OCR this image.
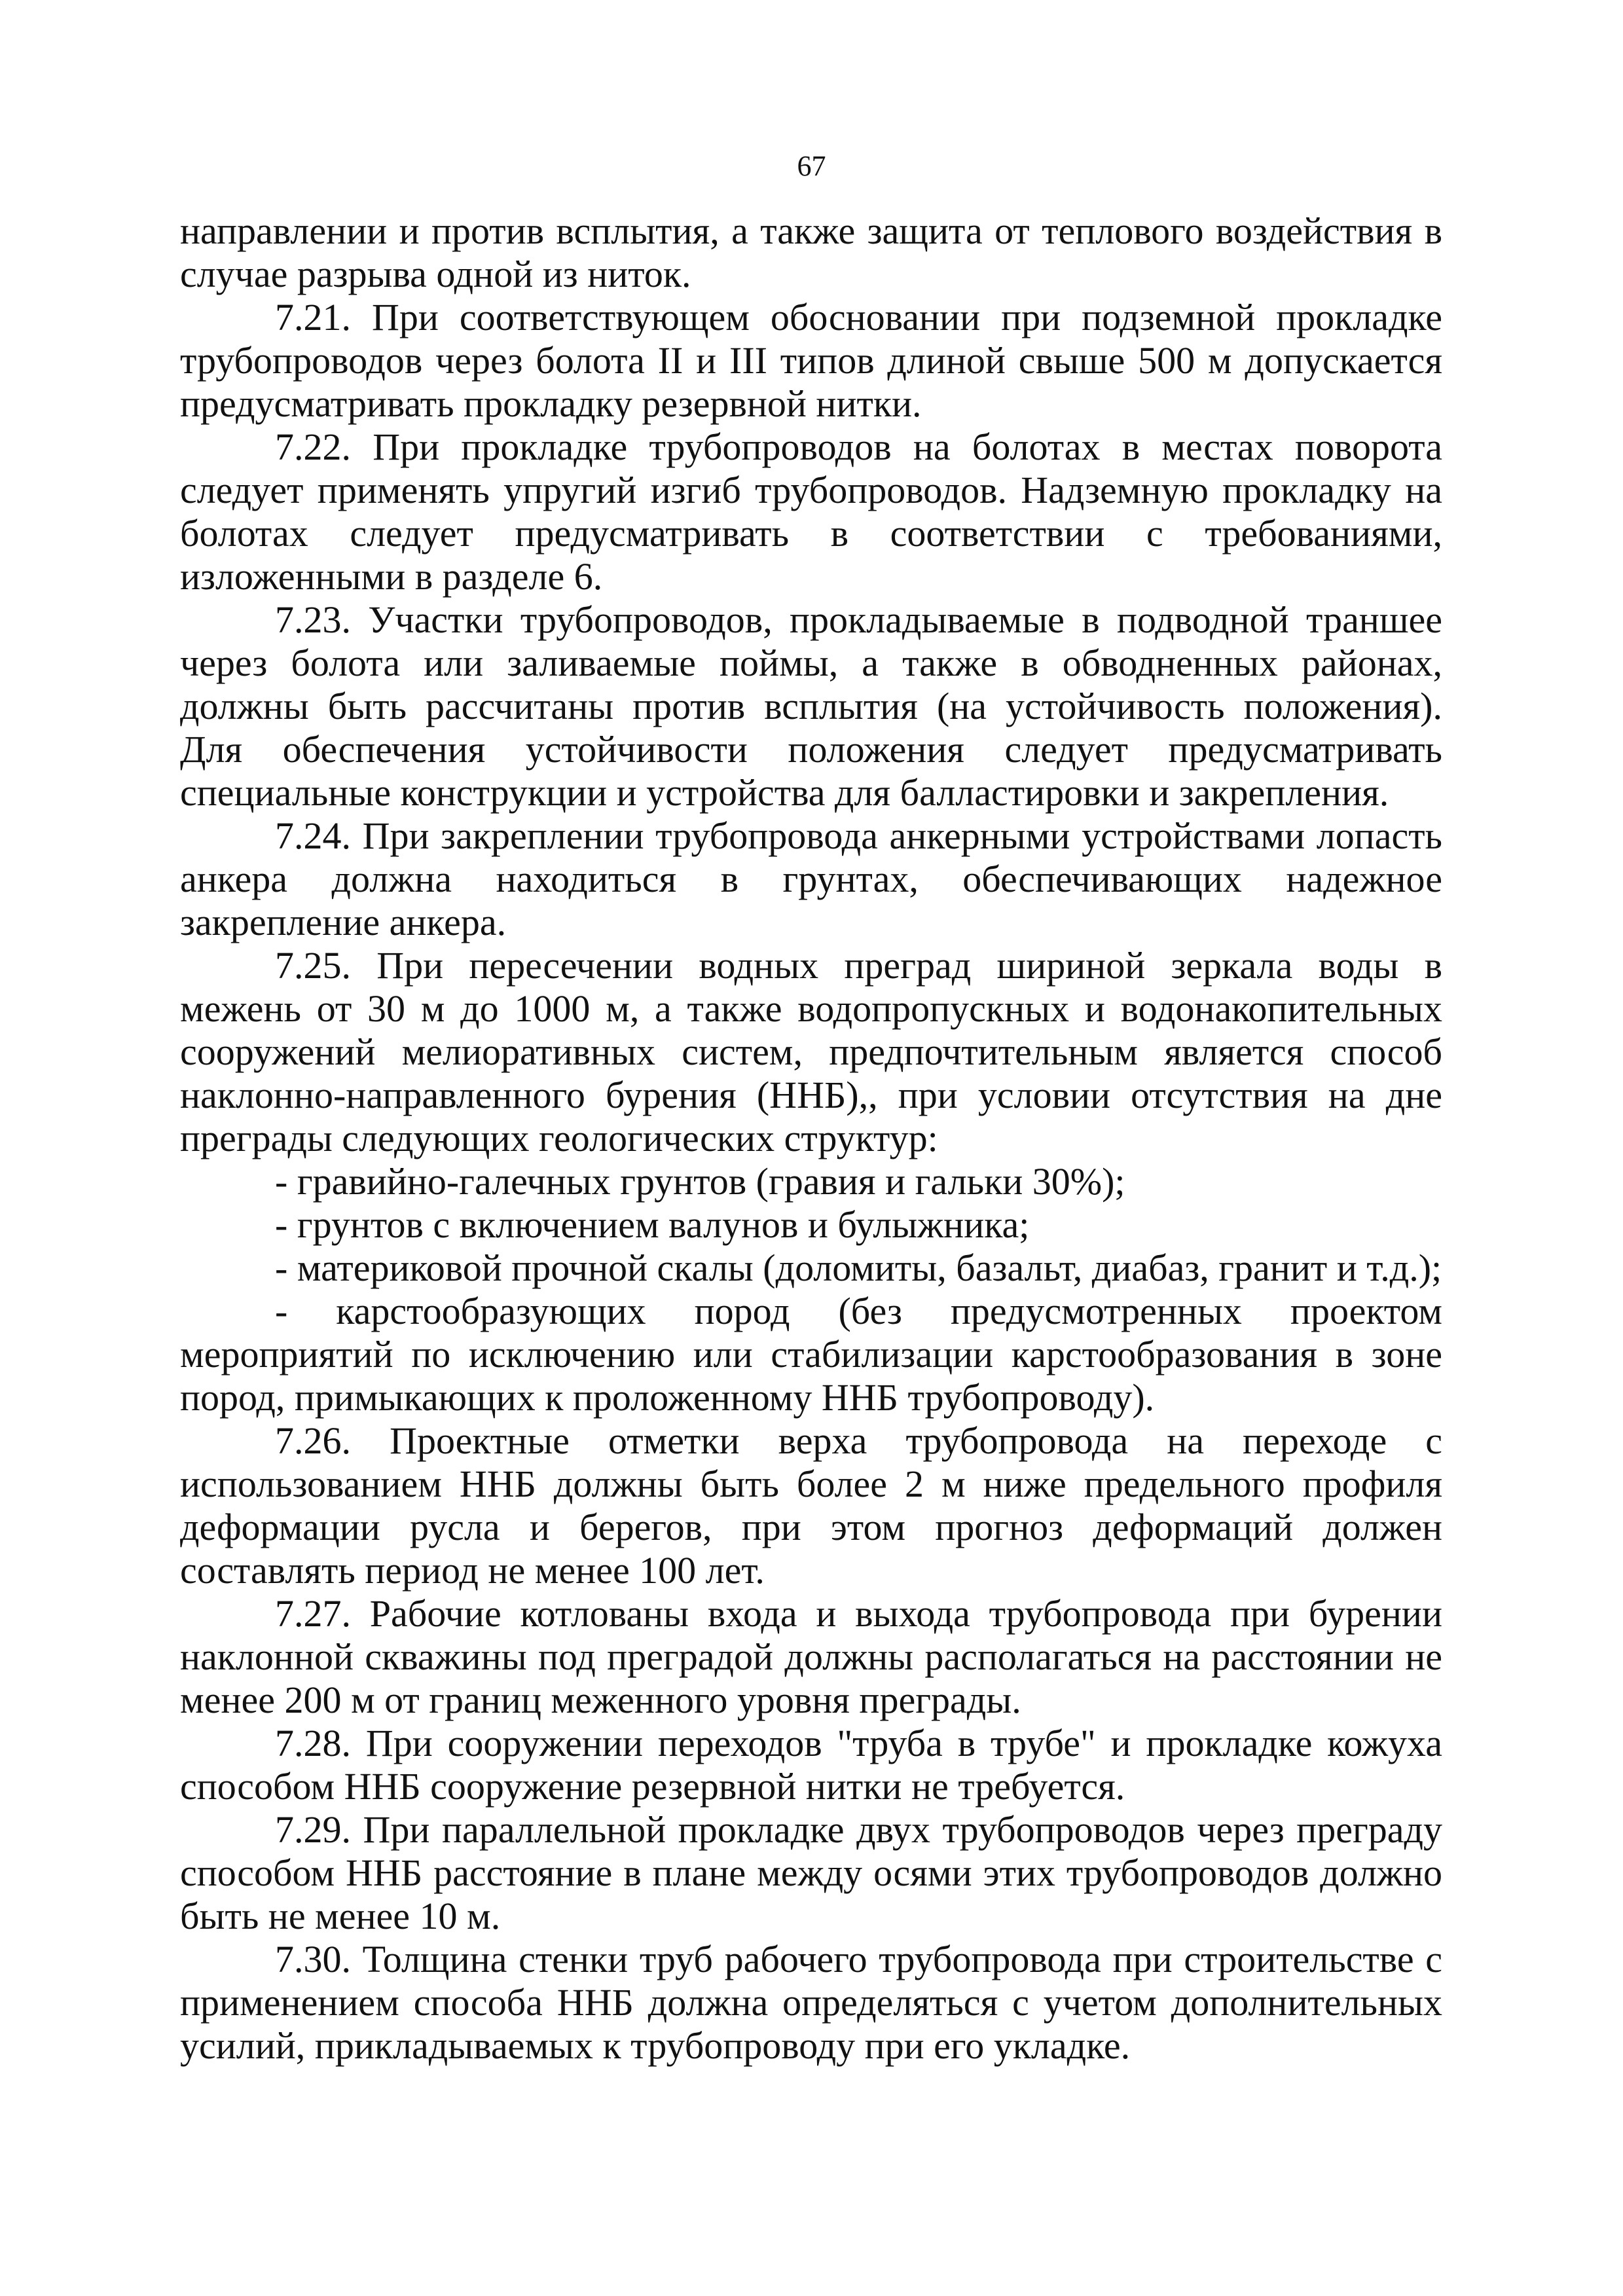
67

направлении и против всплытия, а также защита от теплового воздействия в случае разрыва одной из ниток.

7.21. При соответствующем обосновании при подземной прокладке трубопроводов через болота II и III типов длиной свыше 500 м допускается предусматривать прокладку резервной нитки.

7.22. При прокладке трубопроводов на болотах в местах поворота следует применять упругий изгиб трубопроводов. Надземную прокладку на болотах следует предусматривать в соответствии с требованиями, изложенными в разделе 6.

7.23. Участки трубопроводов, прокладываемые в подводной траншее через болота или заливаемые поймы, а также в обводненных районах, должны быть рассчитаны против всплытия (на устойчивость положения). Для обеспечения устойчивости положения следует предусматривать специальные конструкции и устройства для балластировки и закрепления.

7.24. При закреплении трубопровода анкерными устройствами лопасть анкера должна находиться в грунтах, обеспечивающих надежное закрепление анкера.

7.25. При пересечении водных преград шириной зеркала воды в межень от 30 м до 1000 м, а также водопропускных и водонакопительных сооружений мелиоративных систем, предпочтительным является способ наклонно-направленного бурения (ННБ),, при условии отсутствия на дне преграды следующих геологических структур:

- гравийно-галечных грунтов (гравия и гальки 30%);

- грунтов с включением валунов и булыжника;

- материковой прочной скалы (доломиты, базальт, диабаз, гранит и т.д.);

- карстообразующих пород (без предусмотренных проектом мероприятий по исключению или стабилизации карстообразования в зоне пород, примыкающих к проложенному ННБ трубопроводу).

7.26. Проектные отметки верха трубопровода на переходе с использованием ННБ должны быть более 2 м ниже предельного профиля деформации русла и берегов, при этом прогноз деформаций должен составлять период не менее 100 лет.

7.27. Рабочие котлованы входа и выхода трубопровода при бурении наклонной скважины под преградой должны располагаться на расстоянии не менее 200 м от границ меженного уровня преграды.

7.28. При сооружении переходов "труба в трубе" и прокладке кожуха способом ННБ сооружение резервной нитки не требуется.

7.29. При параллельной прокладке двух трубопроводов через преграду способом ННБ расстояние в плане между осями этих трубопроводов должно быть не менее 10 м.

7.30. Толщина стенки труб рабочего трубопровода при строительстве с применением способа ННБ должна определяться с учетом дополнительных усилий, прикладываемых к трубопроводу при его укладке.
